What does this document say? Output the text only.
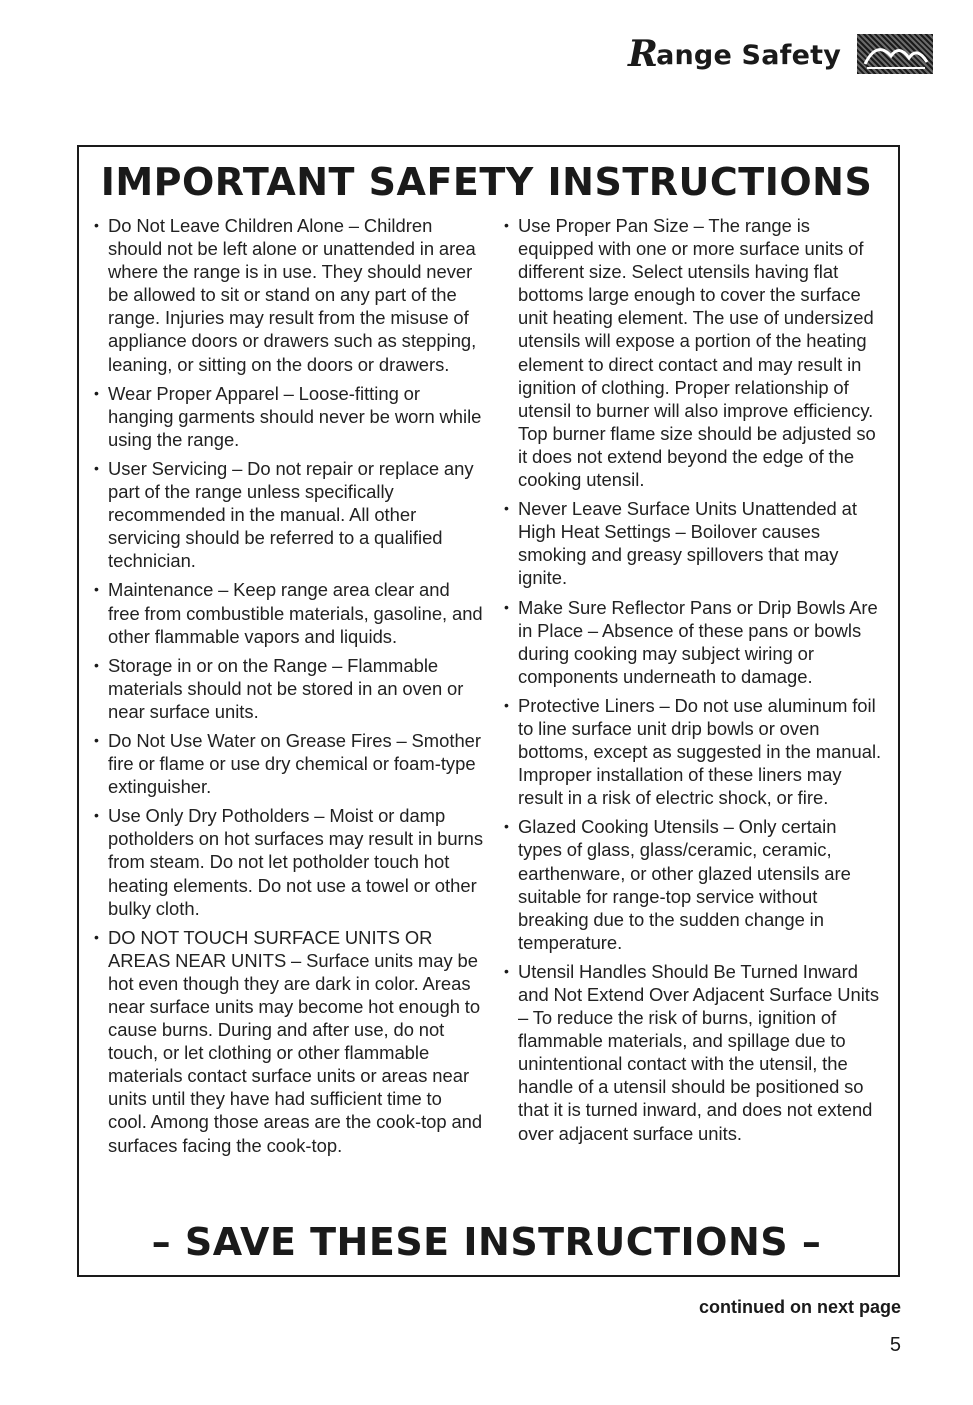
Range Safety
IMPORTANT SAFETY INSTRUCTIONS
• Do Not Leave Children Alone – Children should not be left alone or unattended in area where the range is in use. They should never be allowed to sit or stand on any part of the range. Injuries may result from the misuse of appliance doors or drawers such as stepping, leaning, or sitting on the doors or drawers.
• Wear Proper Apparel – Loose-fitting or hanging garments should never be worn while using the range.
• User Servicing – Do not repair or replace any part of the range unless specifically recommended in the manual. All other servicing should be referred to a qualified technician.
• Maintenance – Keep range area clear and free from combustible materials, gasoline, and other flammable vapors and liquids.
• Storage in or on the Range – Flammable materials should not be stored in an oven or near surface units.
• Do Not Use Water on Grease Fires – Smother fire or flame or use dry chemical or foam-type extinguisher.
• Use Only Dry Potholders – Moist or damp potholders on hot surfaces may result in burns from steam. Do not let potholder touch hot heating elements. Do not use a towel or other bulky cloth.
• DO NOT TOUCH SURFACE UNITS OR AREAS NEAR UNITS – Surface units may be hot even though they are dark in color. Areas near surface units may become hot enough to cause burns. During and after use, do not touch, or let clothing or other flammable materials contact surface units or areas near units until they have had sufficient time to cool. Among those areas are the cook-top and surfaces facing the cook-top.
• Use Proper Pan Size – The range is equipped with one or more surface units of different size. Select utensils having flat bottoms large enough to cover the surface unit heating element. The use of undersized utensils will expose a portion of the heating element to direct contact and may result in ignition of clothing. Proper relationship of utensil to burner will also improve efficiency. Top burner flame size should be adjusted so it does not extend beyond the edge of the cooking utensil.
• Never Leave Surface Units Unattended at High Heat Settings – Boilover causes smoking and greasy spillovers that may ignite.
• Make Sure Reflector Pans or Drip Bowls Are in Place – Absence of these pans or bowls during cooking may subject wiring or components underneath to damage.
• Protective Liners – Do not use aluminum foil to line surface unit drip bowls or oven bottoms, except as suggested in the manual. Improper installation of these liners may result in a risk of electric shock, or fire.
• Glazed Cooking Utensils – Only certain types of glass, glass/ceramic, ceramic, earthenware, or other glazed utensils are suitable for range-top service without breaking due to the sudden change in temperature.
• Utensil Handles Should Be Turned Inward and Not Extend Over Adjacent Surface Units – To reduce the risk of burns, ignition of flammable materials, and spillage due to unintentional contact with the utensil, the handle of a utensil should be positioned so that it is turned inward, and does not extend over adjacent surface units.
– SAVE THESE INSTRUCTIONS –
continued on next page
5
